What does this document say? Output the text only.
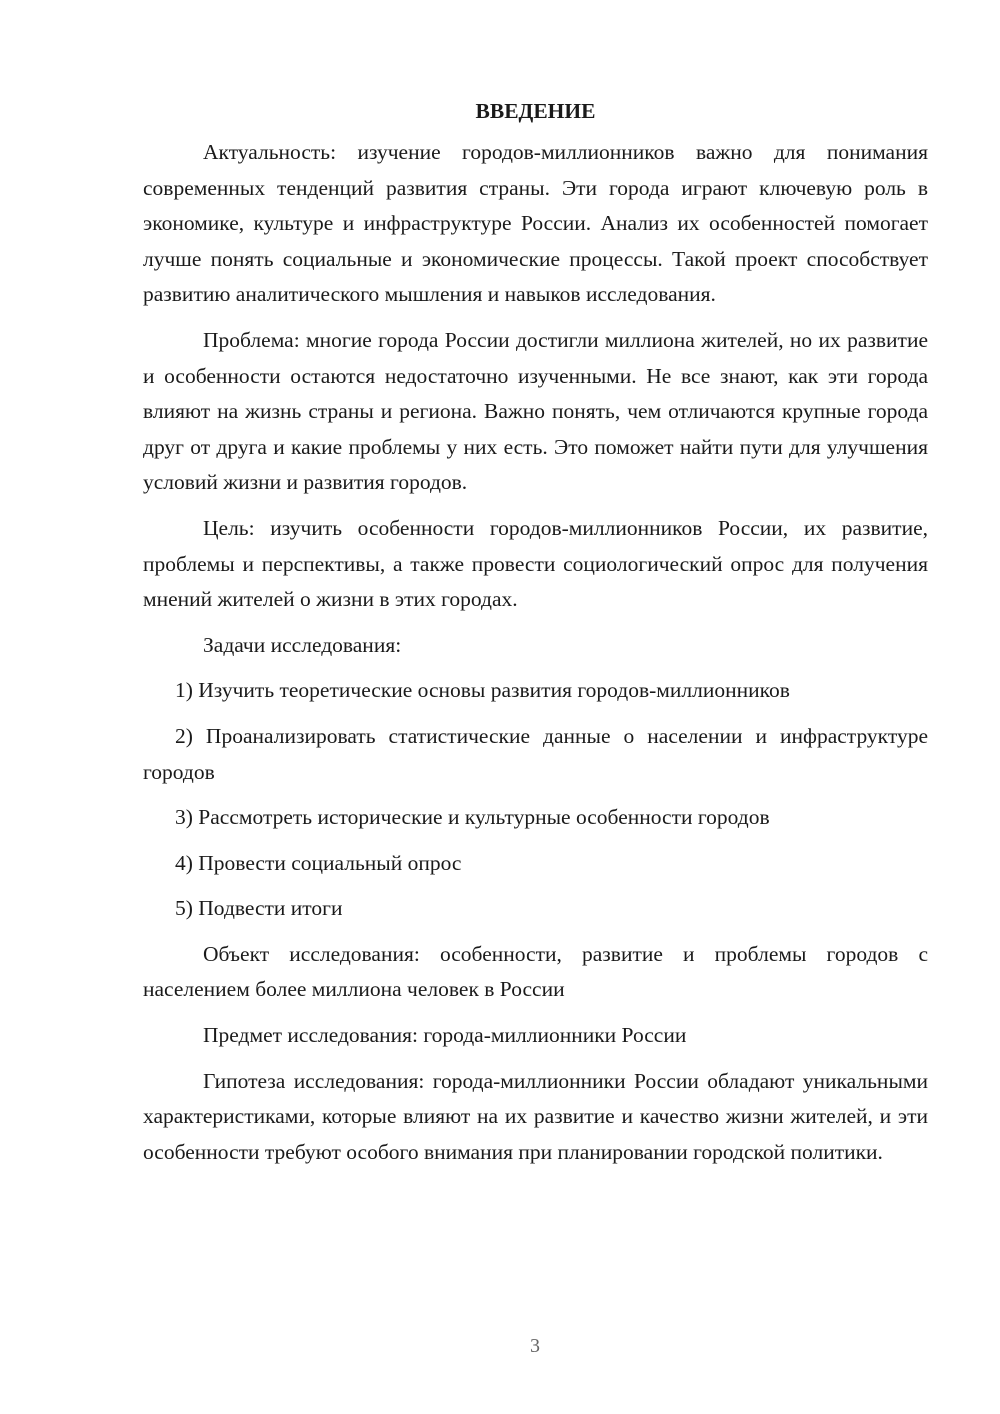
ВВЕДЕНИЕ

Актуальность: изучение городов-миллионников важно для понимания современных тенденций развития страны. Эти города играют ключевую роль в экономике, культуре и инфраструктуре России. Анализ их особенностей помогает лучше понять социальные и экономические процессы. Такой проект способствует развитию аналитического мышления и навыков исследования.

Проблема: многие города России достигли миллиона жителей, но их развитие и особенности остаются недостаточно изученными. Не все знают, как эти города влияют на жизнь страны и региона. Важно понять, чем отличаются крупные города друг от друга и какие проблемы у них есть. Это поможет найти пути для улучшения условий жизни и развития городов.

Цель: изучить особенности городов-миллионников России, их развитие, проблемы и перспективы, а также провести социологический опрос для получения мнений жителей о жизни в этих городах.

Задачи исследования:

1) Изучить теоретические основы развития городов-миллионников

2) Проанализировать статистические данные о населении и инфраструктуре городов

3) Рассмотреть исторические и культурные особенности городов

4) Провести социальный опрос

5) Подвести итоги

Объект исследования: особенности, развитие и проблемы городов с населением более миллиона человек в России

Предмет исследования: города-миллионники России

Гипотеза исследования: города-миллионники России обладают уникальными характеристиками, которые влияют на их развитие и качество жизни жителей, и эти особенности требуют особого внимания при планировании городской политики.

3
